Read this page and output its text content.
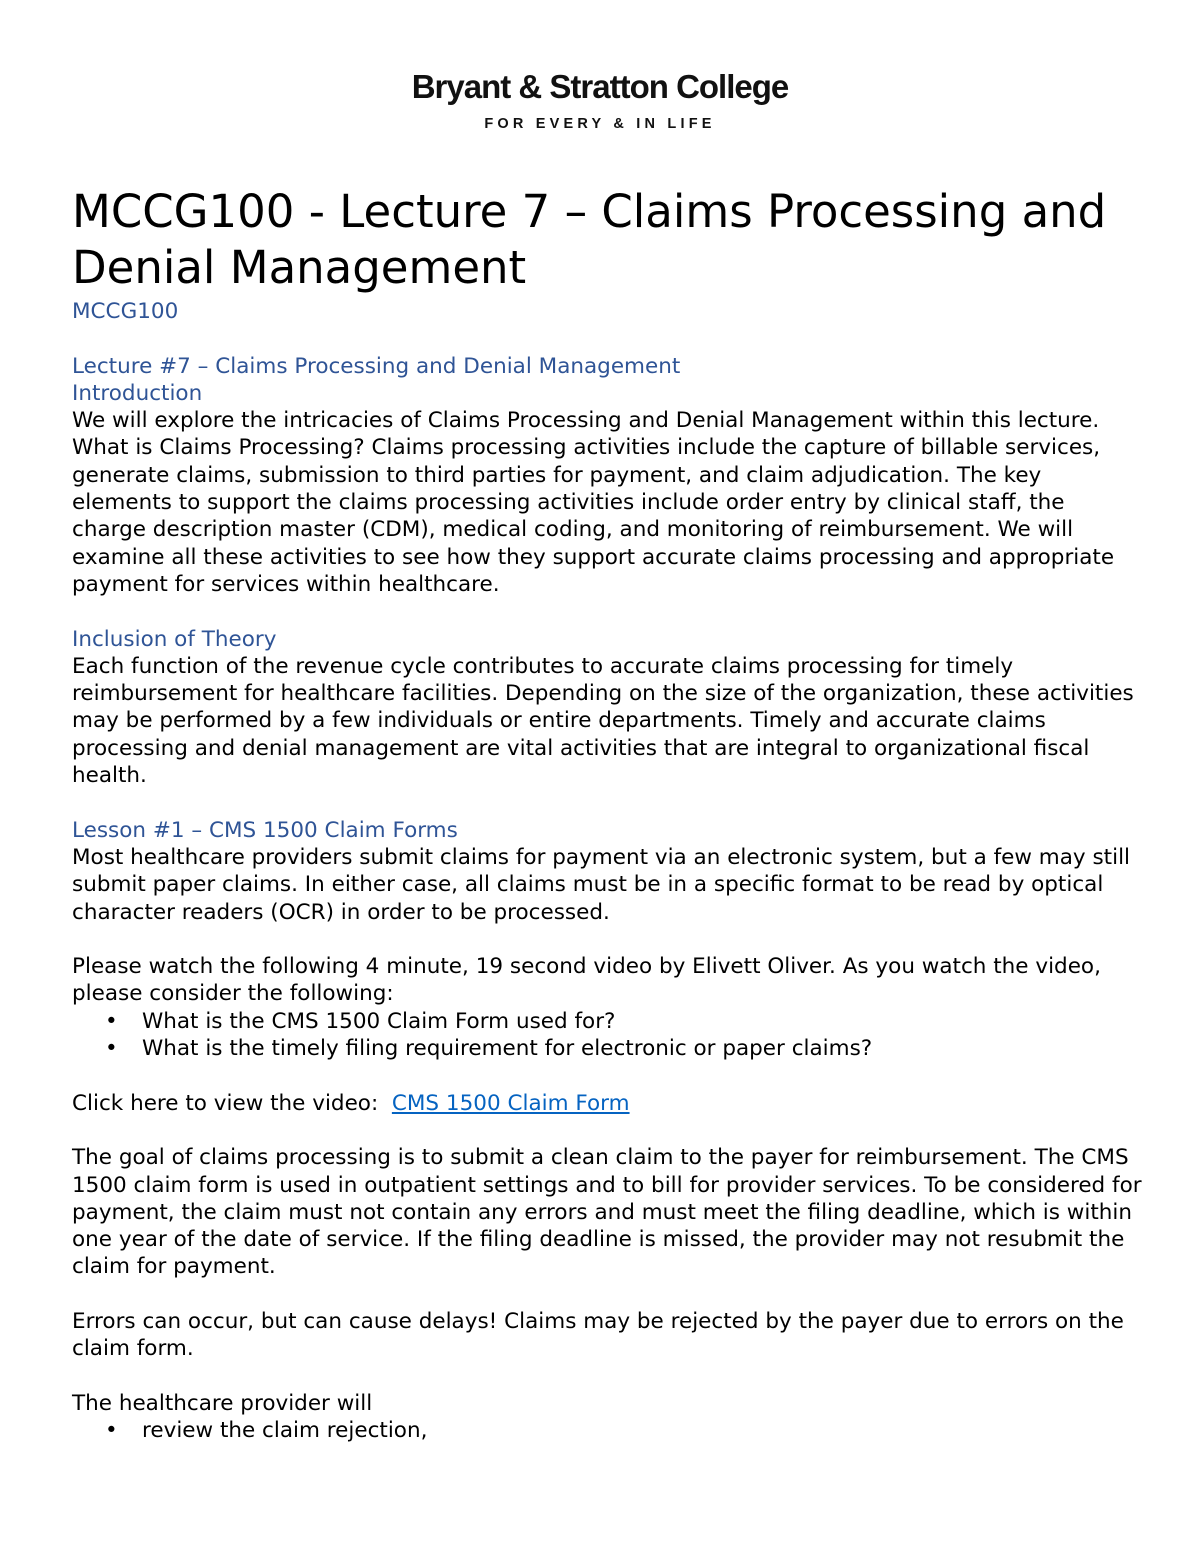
Bryant & Stratton College
FOR EVERY & IN LIFE
MCCG100 - Lecture 7 – Claims Processing and Denial Management
MCCG100
Lecture #7 – Claims Processing and Denial Management
Introduction
We will explore the intricacies of Claims Processing and Denial Management within this lecture. What is Claims Processing? Claims processing activities include the capture of billable services, generate claims, submission to third parties for payment, and claim adjudication. The key elements to support the claims processing activities include order entry by clinical staff, the charge description master (CDM), medical coding, and monitoring of reimbursement. We will examine all these activities to see how they support accurate claims processing and appropriate payment for services within healthcare.
Inclusion of Theory
Each function of the revenue cycle contributes to accurate claims processing for timely reimbursement for healthcare facilities. Depending on the size of the organization, these activities may be performed by a few individuals or entire departments. Timely and accurate claims processing and denial management are vital activities that are integral to organizational fiscal health.
Lesson #1 – CMS 1500 Claim Forms
Most healthcare providers submit claims for payment via an electronic system, but a few may still submit paper claims. In either case, all claims must be in a specific format to be read by optical character readers (OCR) in order to be processed.
Please watch the following 4 minute, 19 second video by Elivett Oliver. As you watch the video, please consider the following:
• What is the CMS 1500 Claim Form used for?
• What is the timely filing requirement for electronic or paper claims?
Click here to view the video:  CMS 1500 Claim Form
The goal of claims processing is to submit a clean claim to the payer for reimbursement. The CMS 1500 claim form is used in outpatient settings and to bill for provider services. To be considered for payment, the claim must not contain any errors and must meet the filing deadline, which is within one year of the date of service. If the filing deadline is missed, the provider may not resubmit the claim for payment.
Errors can occur, but can cause delays! Claims may be rejected by the payer due to errors on the claim form.
The healthcare provider will
• review the claim rejection,
